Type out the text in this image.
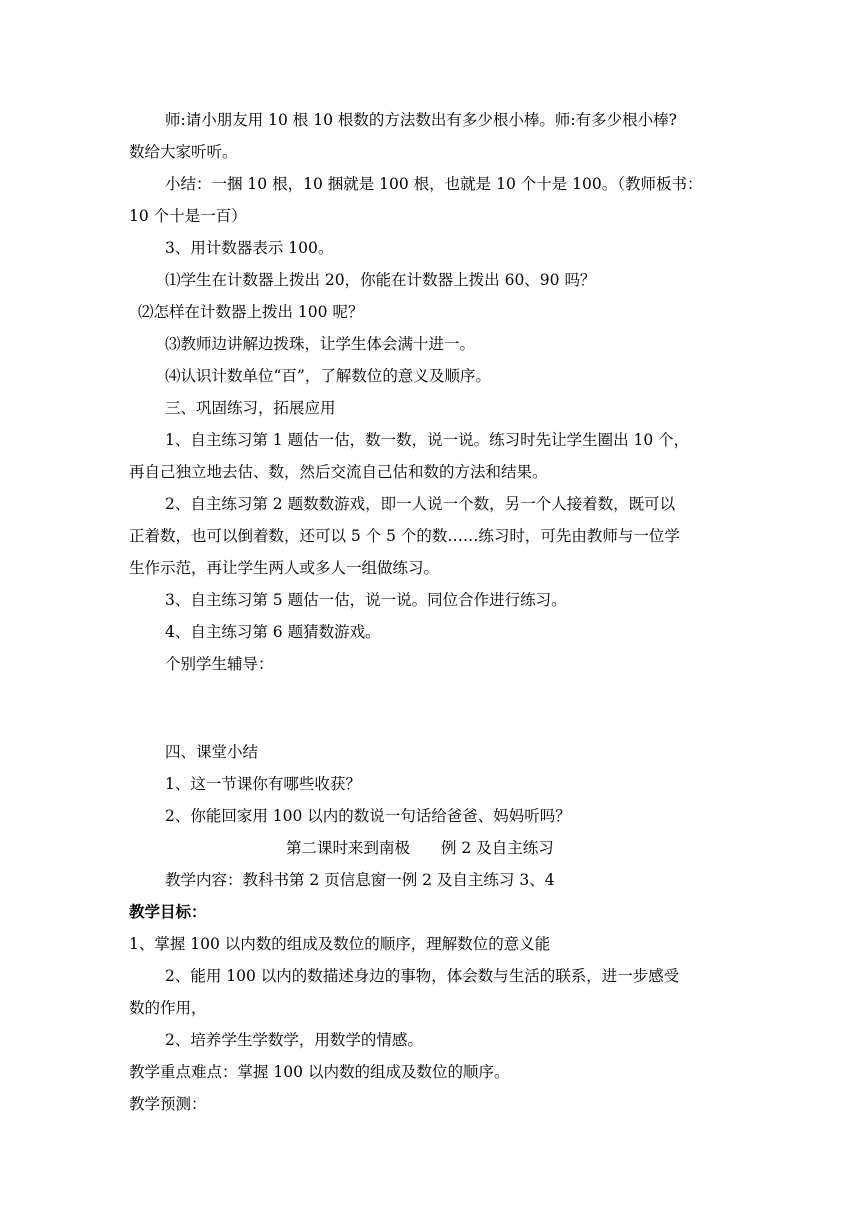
师:请小朋友用 10 根 10 根数的方法数出有多少根小棒。师:有多少根小棒?
数给大家听听。
小结：一捆 10 根，10 捆就是 100 根，也就是 10 个十是 100。（教师板书：
10 个十是一百）
3、用计数器表示 100。
⑴学生在计数器上拨出 20，你能在计数器上拨出 60、90 吗？
⑵怎样在计数器上拨出 100 呢？
⑶教师边讲解边拨珠，让学生体会满十进一。
⑷认识计数单位“百”，了解数位的意义及顺序。
三、巩固练习，拓展应用
1、自主练习第 1 题估一估，数一数，说一说。练习时先让学生圈出 10 个，
再自己独立地去估、数，然后交流自己估和数的方法和结果。
2、自主练习第 2 题数数游戏，即一人说一个数，另一个人接着数，既可以
正着数，也可以倒着数，还可以 5 个 5 个的数……练习时，可先由教师与一位学
生作示范，再让学生两人或多人一组做练习。
3、自主练习第 5 题估一估，说一说。同位合作进行练习。
4、自主练习第 6 题猜数游戏。
个别学生辅导：
四、课堂小结
1、这一节课你有哪些收获？
2、你能回家用 100 以内的数说一句话给爸爸、妈妈听吗？
第二课时来到南极　　例 2 及自主练习
教学内容：教科书第 2 页信息窗一例 2 及自主练习 3、4
教学目标：
1、掌握 100 以内数的组成及数位的顺序，理解数位的意义能
2、能用 100 以内的数描述身边的事物，体会数与生活的联系，进一步感受
数的作用，
2、培养学生学数学，用数学的情感。
教学重点难点：掌握 100 以内数的组成及数位的顺序。
教学预测：
